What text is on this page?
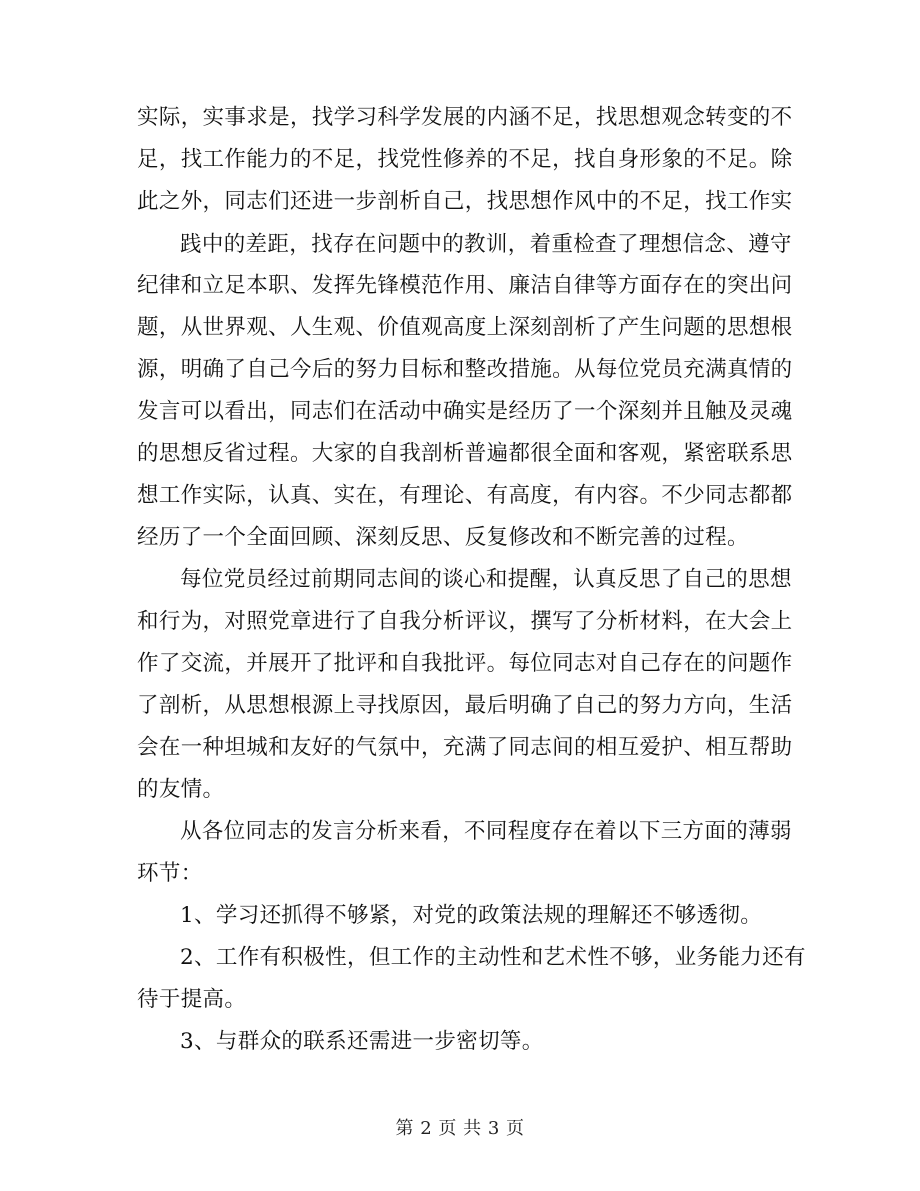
实际，实事求是，找学习科学发展的内涵不足，找思想观念转变的不
足，找工作能力的不足，找党性修养的不足，找自身形象的不足。除
此之外，同志们还进一步剖析自己，找思想作风中的不足，找工作实
践中的差距，找存在问题中的教训，着重检查了理想信念、遵守
纪律和立足本职、发挥先锋模范作用、廉洁自律等方面存在的突出问
题，从世界观、人生观、价值观高度上深刻剖析了产生问题的思想根
源，明确了自己今后的努力目标和整改措施。从每位党员充满真情的
发言可以看出，同志们在活动中确实是经历了一个深刻并且触及灵魂
的思想反省过程。大家的自我剖析普遍都很全面和客观，紧密联系思
想工作实际，认真、实在，有理论、有高度，有内容。不少同志都都
经历了一个全面回顾、深刻反思、反复修改和不断完善的过程。
每位党员经过前期同志间的谈心和提醒，认真反思了自己的思想
和行为，对照党章进行了自我分析评议，撰写了分析材料，在大会上
作了交流，并展开了批评和自我批评。每位同志对自己存在的问题作
了剖析，从思想根源上寻找原因，最后明确了自己的努力方向，生活
会在一种坦城和友好的气氛中，充满了同志间的相互爱护、相互帮助
的友情。
从各位同志的发言分析来看，不同程度存在着以下三方面的薄弱
环节：
1、学习还抓得不够紧，对党的政策法规的理解还不够透彻。
2、工作有积极性，但工作的主动性和艺术性不够，业务能力还有
待于提高。
3、与群众的联系还需进一步密切等。
第 2 页 共 3 页
